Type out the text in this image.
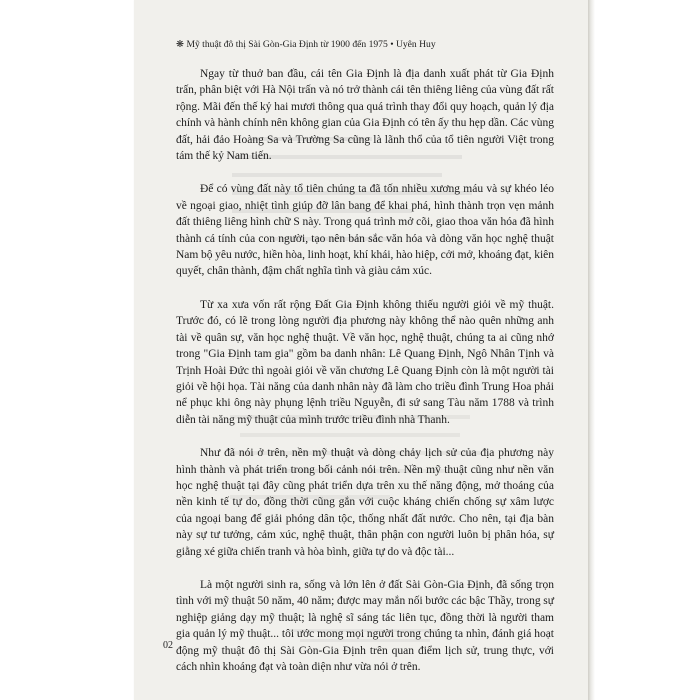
❋ Mỹ thuật đô thị Sài Gòn-Gia Định từ 1900 đến 1975 • Uyên Huy

Ngay từ thuở ban đầu, cái tên Gia Định là địa danh xuất phát từ Gia Định trấn, phân biệt với Hà Nội trấn và nó trở thành cái tên thiêng liêng của vùng đất rất rộng. Mãi đến thế kỷ hai mươi thông qua quá trình thay đổi quy hoạch, quản lý địa chính và hành chính nên không gian của Gia Định có tên ấy thu hẹp dần. Các vùng đất, hải đảo Hoàng Sa và Trường Sa cũng là lãnh thổ của tổ tiên người Việt trong tám thế kỷ Nam tiến.

Để có vùng đất này tổ tiên chúng ta đã tốn nhiều xương máu và sự khéo léo về ngoại giao, nhiệt tình giúp đỡ lân bang để khai phá, hình thành trọn vẹn mảnh đất thiêng liêng hình chữ S này. Trong quá trình mở cõi, giao thoa văn hóa đã hình thành cá tính của con người, tạo nên bản sắc văn hóa và dòng văn học nghệ thuật Nam bộ yêu nước, hiền hòa, linh hoạt, khí khái, hào hiệp, cởi mở, khoáng đạt, kiên quyết, chân thành, đậm chất nghĩa tình và giàu cảm xúc.

Từ xa xưa vốn rất rộng Đất Gia Định không thiếu người giỏi về mỹ thuật. Trước đó, có lẽ trong lòng người địa phương này không thể nào quên những anh tài về quân sự, văn học nghệ thuật. Về văn học, nghệ thuật, chúng ta ai cũng nhớ trong "Gia Định tam gia" gồm ba danh nhân: Lê Quang Định, Ngô Nhân Tịnh và Trịnh Hoài Đức thì ngoài giỏi về văn chương Lê Quang Định còn là một người tài giỏi về hội họa. Tài năng của danh nhân này đã làm cho triều đình Trung Hoa phải nể phục khi ông này phụng lệnh triều Nguyễn, đi sứ sang Tàu năm 1788 và trình diễn tài năng mỹ thuật của mình trước triều đình nhà Thanh.

Như đã nói ở trên, nền mỹ thuật và dòng chảy lịch sử của địa phương này hình thành và phát triển trong bối cảnh nói trên. Nền mỹ thuật cũng như nền văn học nghệ thuật tại đây cũng phát triển dựa trên xu thế năng động, mở thoáng của nền kinh tế tự do, đồng thời cũng gắn với cuộc kháng chiến chống sự xâm lược của ngoại bang để giải phóng dân tộc, thống nhất đất nước. Cho nên, tại địa bàn này sự tư tưởng, cảm xúc, nghệ thuật, thân phận con người luôn bị phân hóa, sự giằng xé giữa chiến tranh và hòa bình, giữa tự do và độc tài...

Là một người sinh ra, sống và lớn lên ở đất Sài Gòn-Gia Định, đã sống trọn tình với mỹ thuật 50 năm, 40 năm; được may mắn nối bước các bậc Thầy, trong sự nghiệp giảng dạy mỹ thuật; là nghệ sĩ sáng tác liên tục, đồng thời là người tham gia quản lý mỹ thuật... tôi ước mong mọi người trong chúng ta nhìn, đánh giá hoạt động mỹ thuật đô thị Sài Gòn-Gia Định trên quan điểm lịch sử, trung thực, với cách nhìn khoáng đạt và toàn diện như vừa nói ở trên.

02
